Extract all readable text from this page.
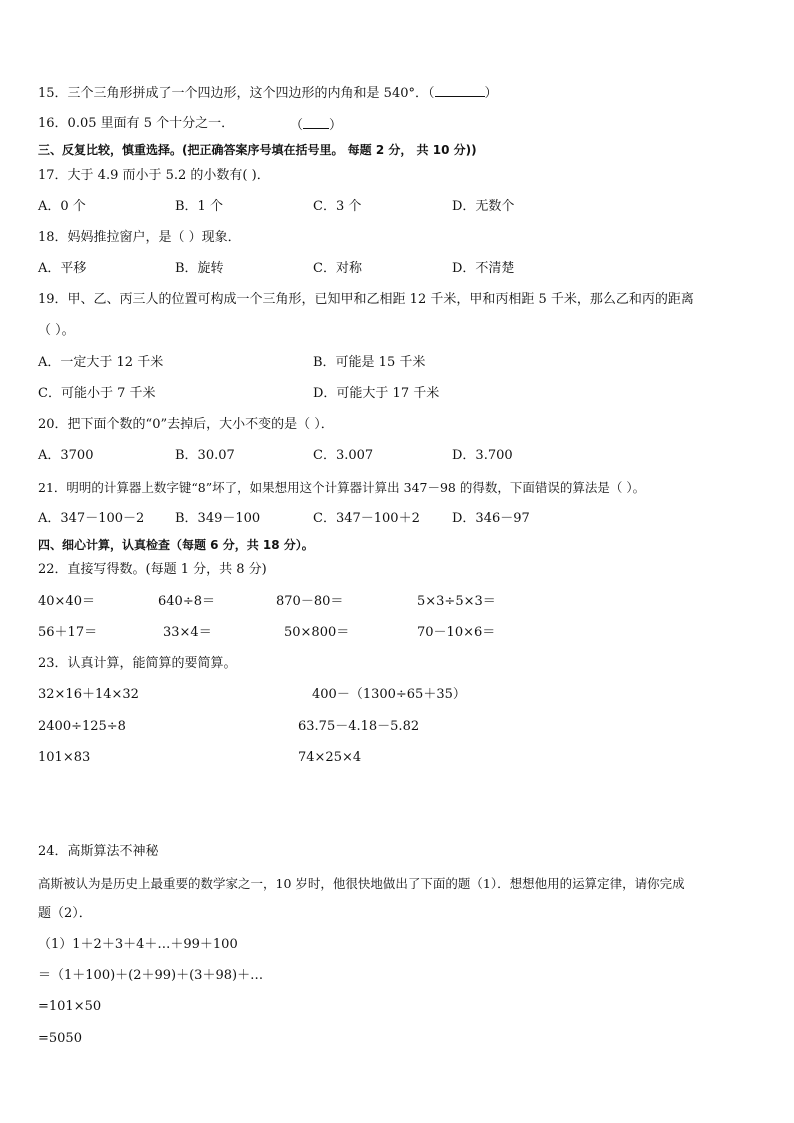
15．三个三角形拼成了一个四边形，这个四边形的内角和是 540°．（	）
16．0.05 里面有 5 个十分之一．	（ ）
三、反复比较，慎重选择。(把正确答案序号填在括号里。 每题 2 分， 共 10 分))
17．大于 4.9 而小于 5.2 的小数有( )．
A．0 个	B．1 个	C．3 个	D．无数个
18．妈妈推拉窗户，是（ ）现象．
A．平移	B．旋转	C．对称	D．不清楚
19．甲、乙、丙三人的位置可构成一个三角形，已知甲和乙相距 12 千米，甲和丙相距 5 千米，那么乙和丙的距离
（ ）。
A．一定大于 12 千米	B．可能是 15 千米
C．可能小于 7 千米	D．可能大于 17 千米
20．把下面个数的“0”去掉后，大小不变的是（ ）．
A．3700	B．30.07	C．3.007	D．3.700
21．明明的计算器上数字键“8”坏了，如果想用这个计算器计算出 347－98 的得数，下面错误的算法是（ ）。
A．347－100－2 B．349－100	C．347－100＋2 D．346－97
四、细心计算，认真检查（每题 6 分，共 18 分）。
22．直接写得数。(每题 1 分，共 8 分)
40×40＝	640÷8＝	870－80＝	5×3÷5×3＝
56＋17＝	33×4＝	50×800＝	70－10×6＝
23．认真计算，能简算的要简算。
32×16＋14×32	400－（1300÷65＋35）
2400÷125÷8	63.75－4.18－5.82
101×83	74×25×4
24．高斯算法不神秘
高斯被认为是历史上最重要的数学家之一，10 岁时，他很快地做出了下面的题（1）．想想他用的运算定律，请你完成
题（2）．
（1）1＋2＋3＋4＋…＋99＋100
＝（1＋100)＋(2＋99)＋(3＋98)＋…
=101×50
=5050
